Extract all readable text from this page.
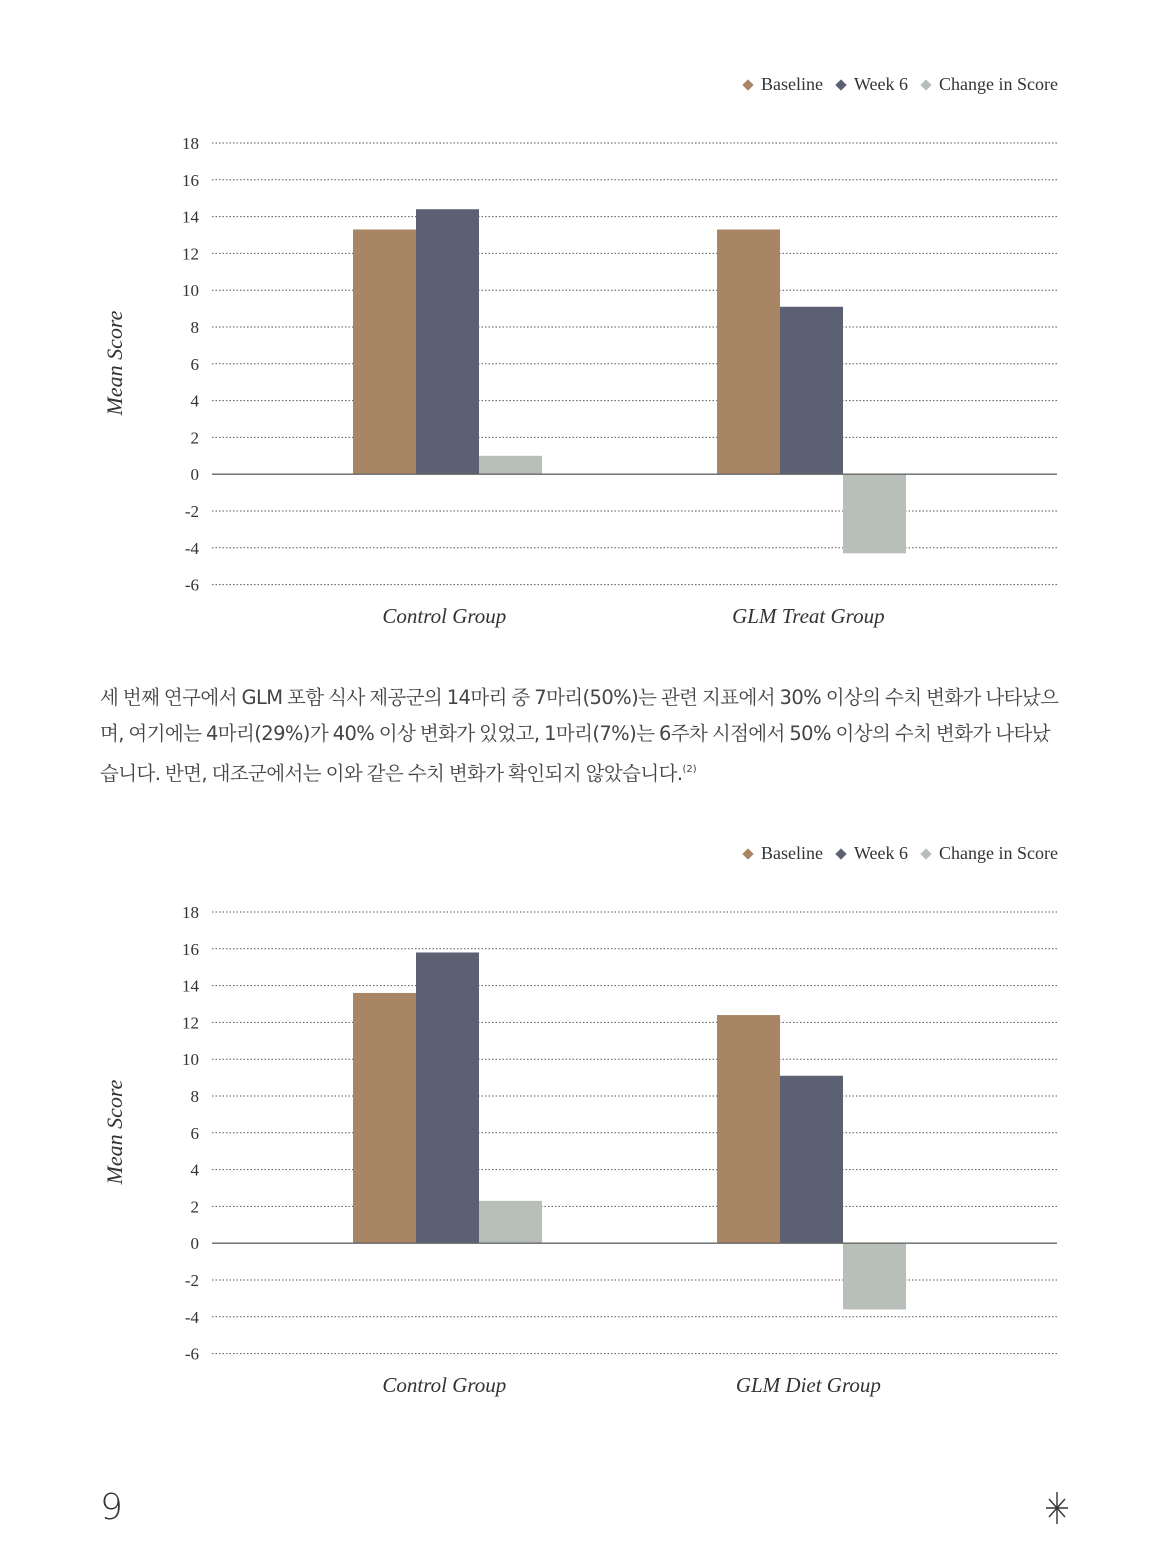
Baseline Week 6 Change in Score
Mean Score
18
16
14
12
10
8
6
4
2
0
-2
-4
-6
Control Group	GLM Treat Group

세 번째 연구에서 GLM 포함 식사 제공군의 14마리 중 7마리(50%)는 관련 지표에서 30% 이상의 수치 변화가 나타났으며, 여기에는 4마리(29%)가 40% 이상 변화가 있었고, 1마리(7%)는 6주차 시점에서 50% 이상의 수치 변화가 나타났습니다. 반면, 대조군에서는 이와 같은 수치 변화가 확인되지 않았습니다.$^{(2)}$

Baseline Week 6 Change in Score
Mean Score
18
16
14
12
10
8
6
4
2
0
-2
-4
-6
Control Group	GLM Diet Group
9
